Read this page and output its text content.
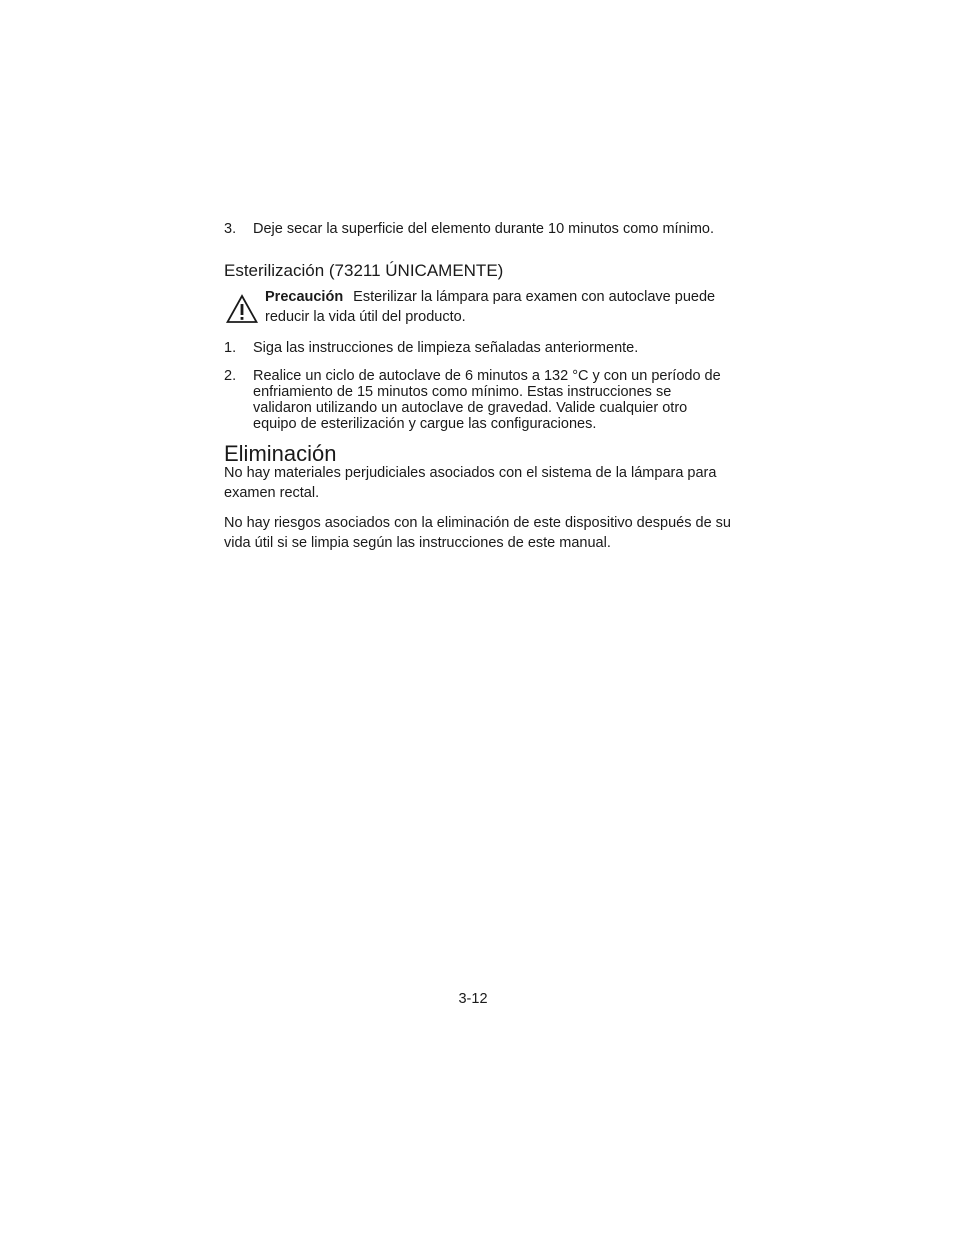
3. Deje secar la superficie del elemento durante 10 minutos como mínimo.
Esterilización (73211 ÚNICAMENTE)
Precaución Esterilizar la lámpara para examen con autoclave puede reducir la vida útil del producto.
1. Siga las instrucciones de limpieza señaladas anteriormente.
2. Realice un ciclo de autoclave de 6 minutos a 132 °C y con un período de enfriamiento de 15 minutos como mínimo. Estas instrucciones se validaron utilizando un autoclave de gravedad. Valide cualquier otro equipo de esterilización y cargue las configuraciones.
Eliminación
No hay materiales perjudiciales asociados con el sistema de la lámpara para examen rectal.
No hay riesgos asociados con la eliminación de este dispositivo después de su vida útil si se limpia según las instrucciones de este manual.
3-12
